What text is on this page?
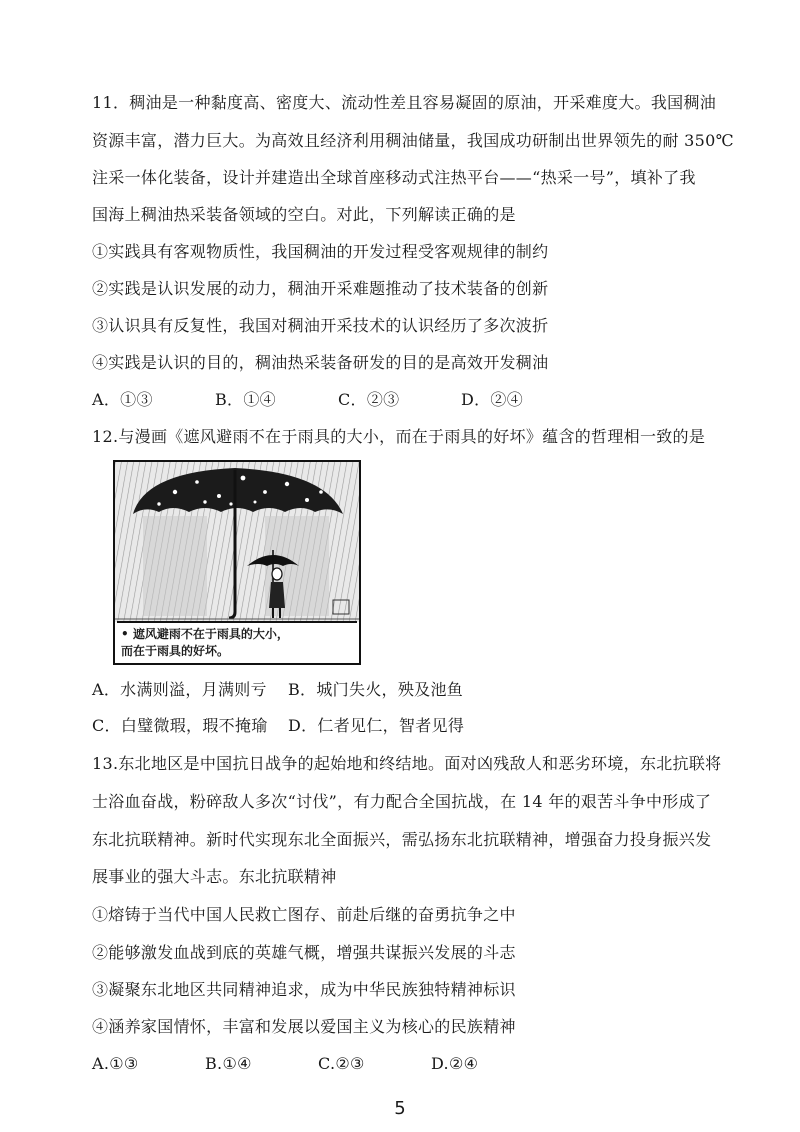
11．稠油是一种黏度高、密度大、流动性差且容易凝固的原油，开采难度大。我国稠油
资源丰富，潜力巨大。为高效且经济利用稠油储量，我国成功研制出世界领先的耐 350℃
注采一体化装备，设计并建造出全球首座移动式注热平台——“热采一号”，填补了我
国海上稠油热采装备领域的空白。对此，下列解读正确的是
①实践具有客观物质性，我国稠油的开发过程受客观规律的制约
②实践是认识发展的动力，稠油开采难题推动了技术装备的创新
③认识具有反复性，我国对稠油开采技术的认识经历了多次波折
④实践是认识的目的，稠油热采装备研发的目的是高效开发稠油
A．①③	B．①④	C．②③	D．②④
12.与漫画《遮风避雨不在于雨具的大小，而在于雨具的好坏》蕴含的哲理相一致的是
• 遮风避雨不在于雨具的大小，
而在于雨具的好坏。
A．水满则溢，月满则亏 B．城门失火，殃及池鱼
C．白璧微瑕，瑕不掩瑜 D．仁者见仁，智者见得
13.东北地区是中国抗日战争的起始地和终结地。面对凶残敌人和恶劣环境，东北抗联将
士浴血奋战，粉碎敌人多次“讨伐”，有力配合全国抗战，在 14 年的艰苦斗争中形成了
东北抗联精神。新时代实现东北全面振兴，需弘扬东北抗联精神，增强奋力投身振兴发
展事业的强大斗志。东北抗联精神
①熔铸于当代中国人民救亡图存、前赴后继的奋勇抗争之中
②能够激发血战到底的英雄气概，增强共谋振兴发展的斗志
③凝聚东北地区共同精神追求，成为中华民族独特精神标识
④涵养家国情怀，丰富和发展以爱国主义为核心的民族精神
A.①③	B.①④	C.②③	D.②④
5
